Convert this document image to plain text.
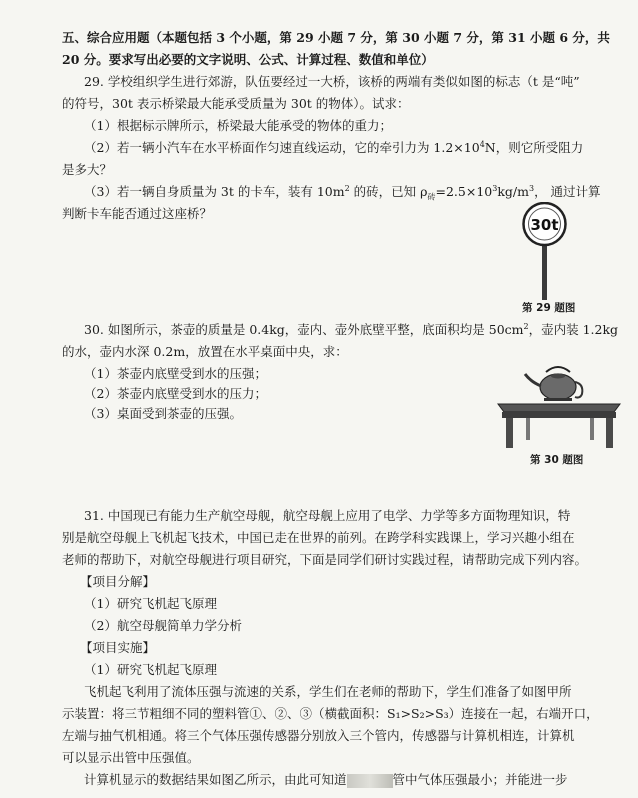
五、综合应用题（本题包括 3 个小题，第 29 小题 7 分，第 30 小题 7 分，第 31 小题 6 分，共
20 分。要求写出必要的文字说明、公式、计算过程、数值和单位）
29. 学校组织学生进行郊游，队伍要经过一大桥，该桥的两端有类似如图的标志（t 是“吨”
的符号，30t 表示桥梁最大能承受质量为 30t 的物体）。试求：
（1）根据标示牌所示，桥梁最大能承受的物体的重力；
（2）若一辆小汽车在水平桥面作匀速直线运动，它的牵引力为 $1.2\times 10^4N$，则它所受阻力
是多大？
（3）若一辆自身质量为 3t 的卡车，装有 $10m^2$ 的砖，已知 $\rho_砖=2.5\times 10^3kg/m^3$， 通过计算
判断卡车能否通过这座桥？
30t
第 29 题图
30. 如图所示，茶壶的质量是 0.4kg，壶内、壶外底壁平整，底面积均是 $50cm^2$，壶内装 1.2kg
的水，壶内水深 0.2m，放置在水平桌面中央，求：
（1）茶壶内底壁受到水的压强；
（2）茶壶内底壁受到水的压力；
（3）桌面受到茶壶的压强。
第 30 题图
31. 中国现已有能力生产航空母舰，航空母舰上应用了电学、力学等多方面物理知识，特
别是航空母舰上飞机起飞技术，中国已走在世界的前列。在跨学科实践课上，学习兴趣小组在
老师的帮助下，对航空母舰进行项目研究，下面是同学们研讨实践过程，请帮助完成下列内容。
【项目分解】
（1）研究飞机起飞原理
（2）航空母舰简单力学分析
【项目实施】
（1）研究飞机起飞原理
飞机起飞利用了流体压强与流速的关系，学生们在老师的帮助下，学生们准备了如图甲所
示装置：将三节粗细不同的塑料管①、②、③（横截面积：S₁>S₂>S₃）连接在一起，右端开口，
左端与抽气机相通。将三个气体压强传感器分别放入三个管内，传感器与计算机相连，计算机
可以显示出管中压强值。
计算机显示的数据结果如图乙所示，由此可知道	管中气体压强最小；并能进一步
